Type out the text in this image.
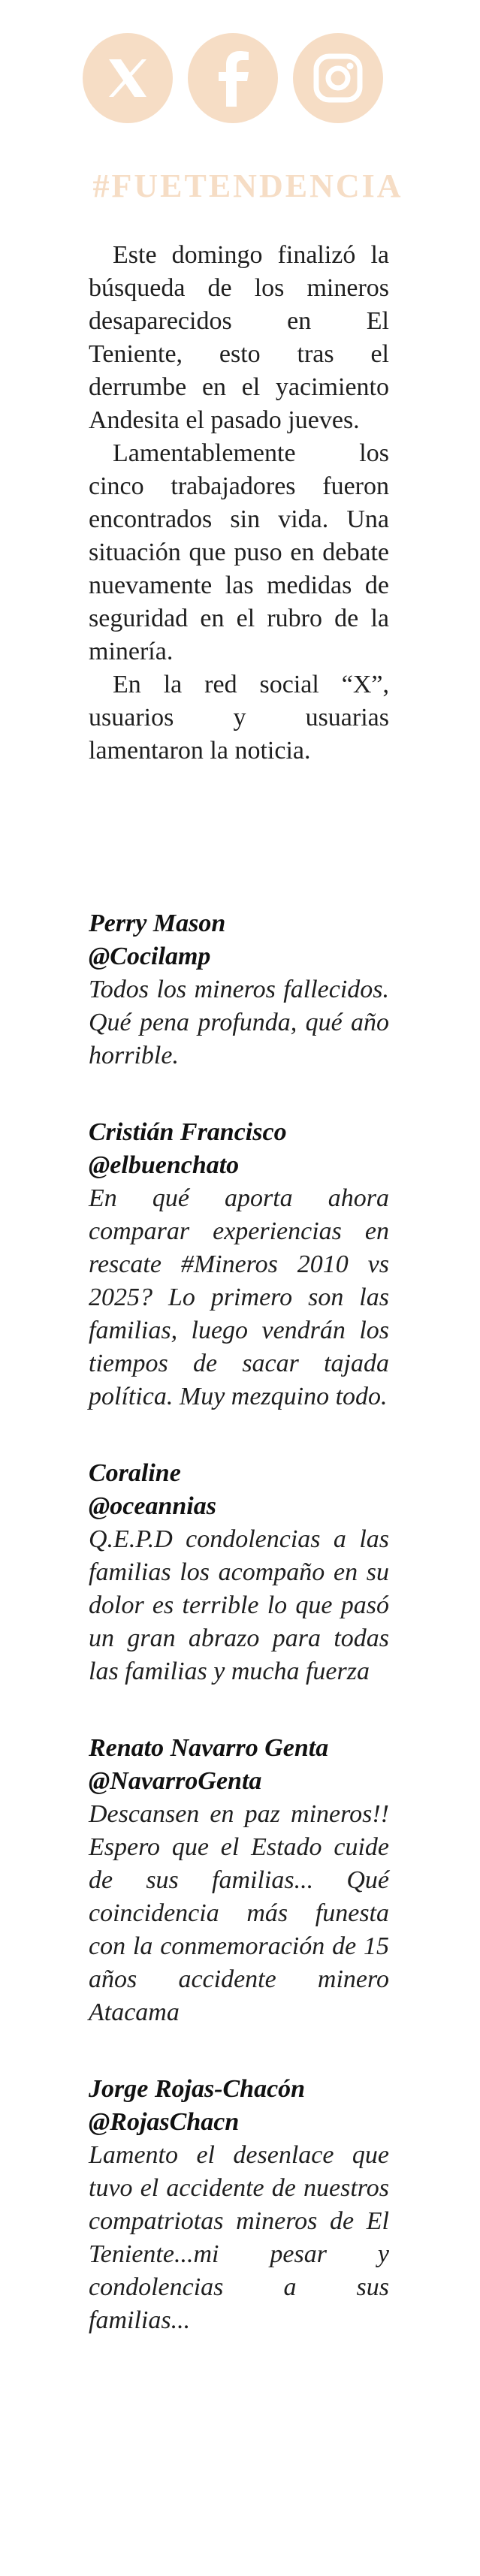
#FUETENDENCIA

Este domingo finalizó la búsqueda de los mineros desaparecidos en El Teniente, esto tras el derrumbe en el yacimiento Andesita el pasado jueves.

Lamentablemente los cinco trabajadores fueron encontrados sin vida. Una situación que puso en debate nuevamente las medidas de seguridad en el rubro de la minería.

En la red social “X”, usuarios y usuarias lamentaron la noticia.

Perry Mason
@Cocilamp
Todos los mineros fallecidos. Qué pena profunda, qué año horrible.
Cristián Francisco
@elbuenchato
En qué aporta ahora comparar experiencias en rescate #Mineros 2010 vs 2025? Lo primero son las familias, luego vendrán los tiempos de sacar tajada política. Muy mezquino todo.
Coraline
@oceannias
Q.E.P.D condolencias a las familias los acompaño en su dolor es terrible lo que pasó un gran abrazo para todas las familias y mucha fuerza
Renato Navarro Genta
@NavarroGenta
Descansen en paz mineros!! Espero que el Estado cuide de sus familias... Qué coincidencia más funesta con la conmemoración de 15 años accidente minero Atacama
Jorge Rojas-Chacón
@RojasChacn
Lamento el desenlace que tuvo el accidente de nuestros compatriotas mineros de El Teniente...mi pesar y condolencias a sus familias...
